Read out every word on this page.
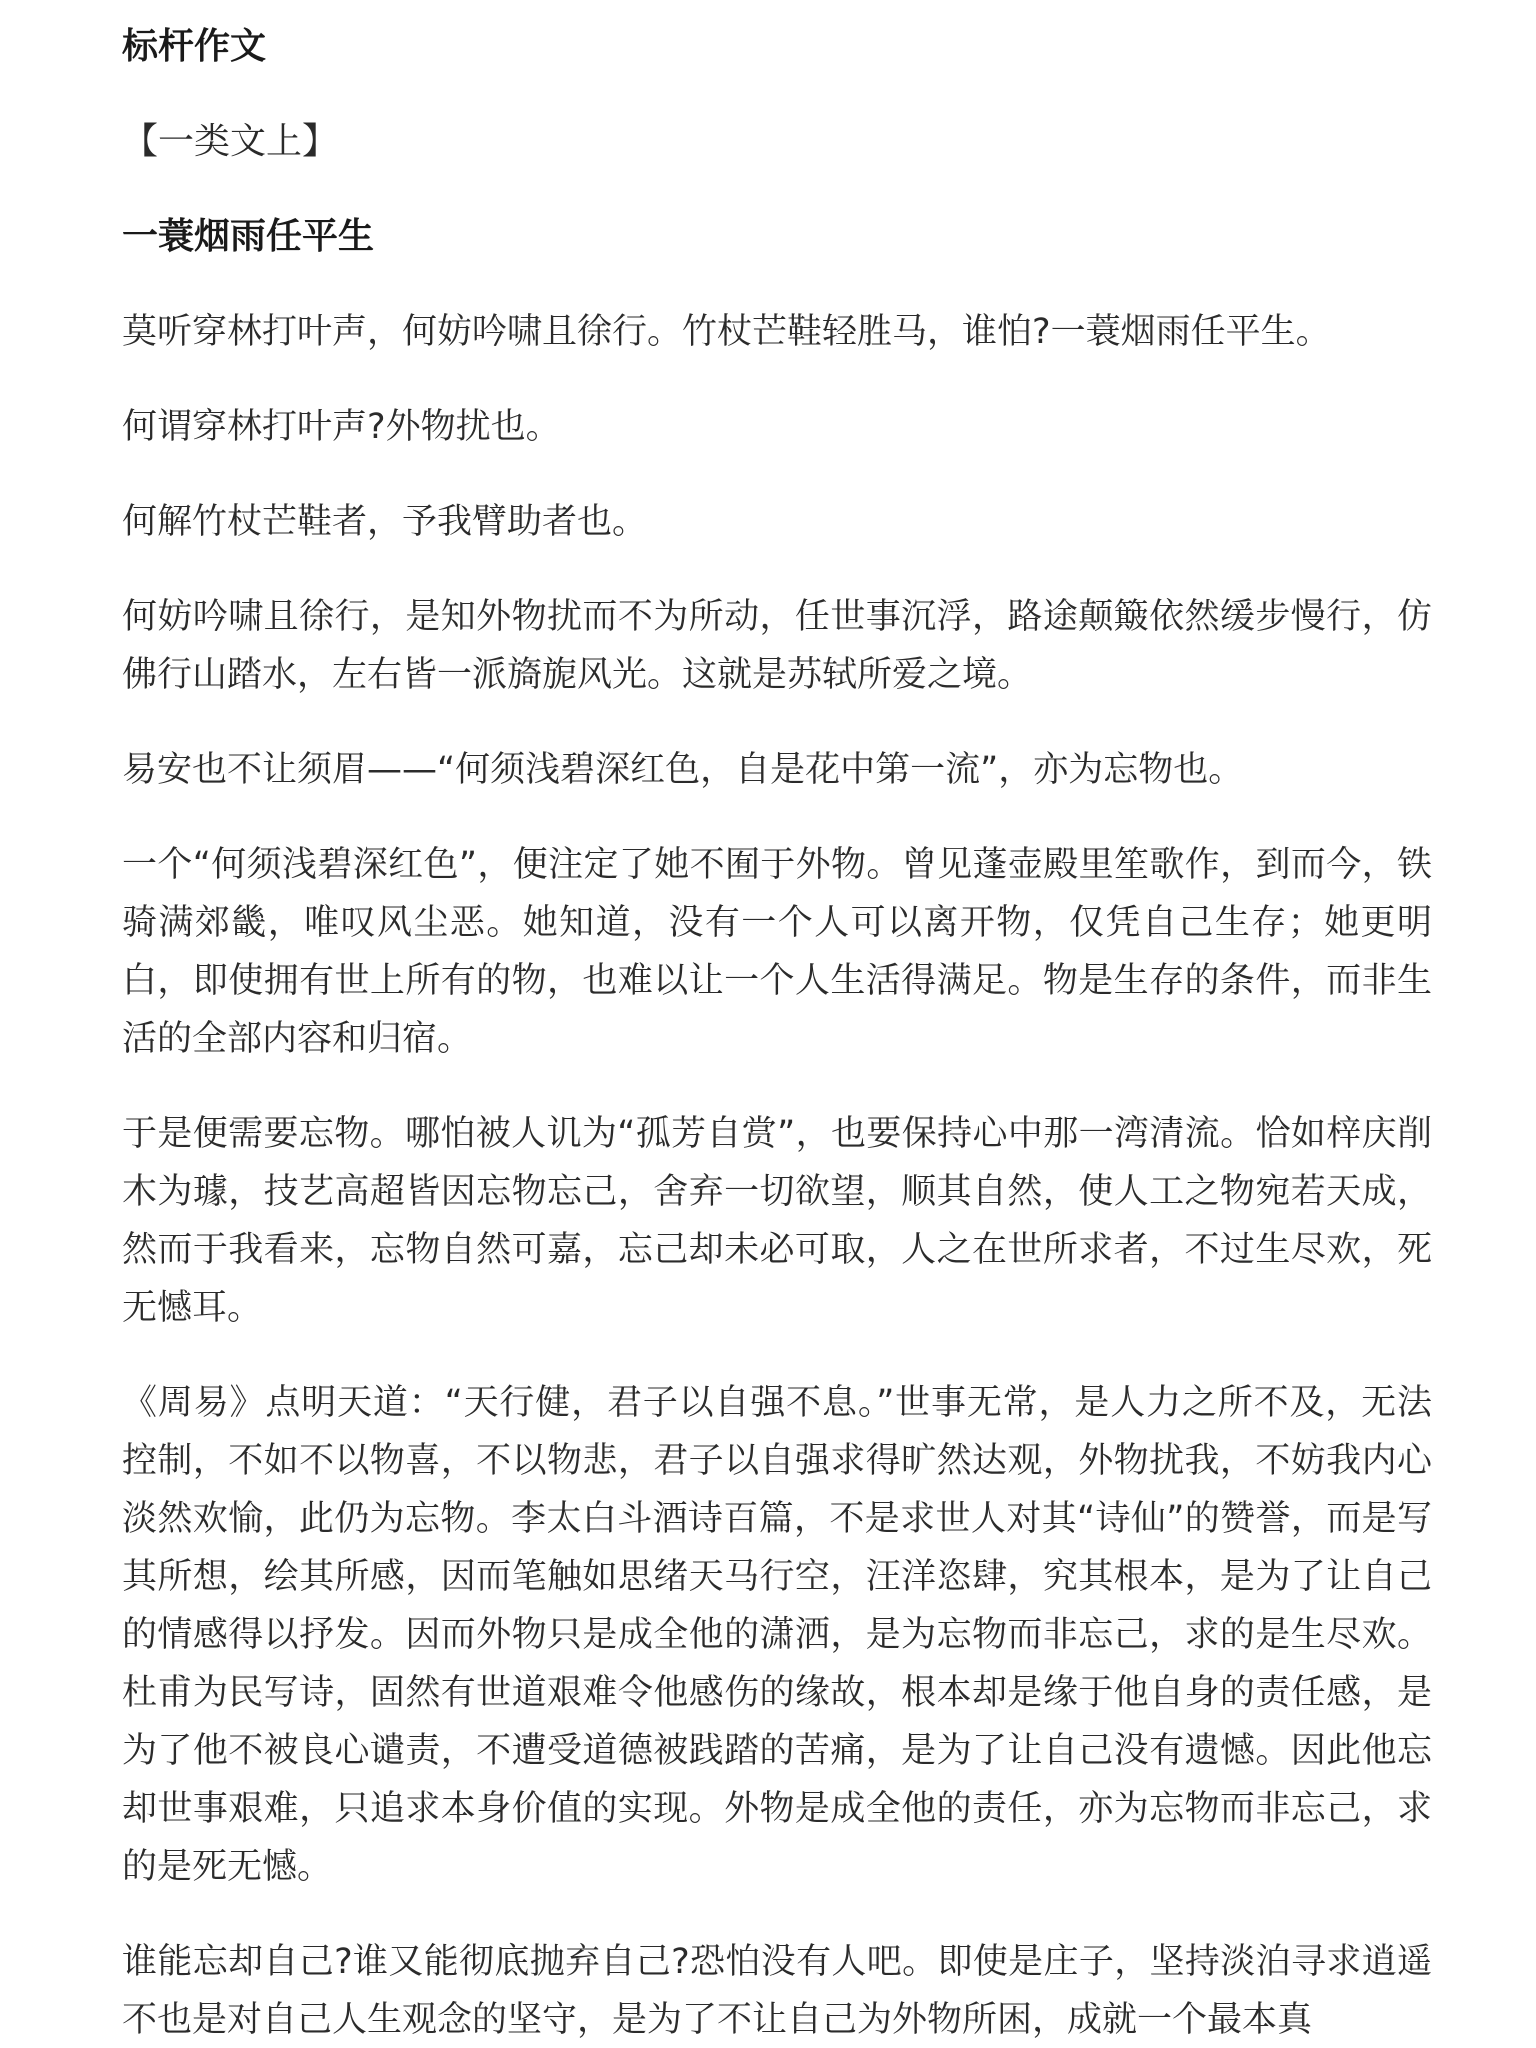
标杆作文
【一类文上】
一蓑烟雨任平生

莫听穿林打叶声，何妨吟啸且徐行。竹杖芒鞋轻胜马，谁怕?一蓑烟雨任平生。

何谓穿林打叶声?外物扰也。

何解竹杖芒鞋者，予我臂助者也。

何妨吟啸且徐行，是知外物扰而不为所动，任世事沉浮，路途颠簸依然缓步慢行，仿佛行山踏水，左右皆一派旖旎风光。这就是苏轼所爱之境。

易安也不让须眉——“何须浅碧深红色，自是花中第一流”，亦为忘物也。

一个“何须浅碧深红色”，便注定了她不囿于外物。曾见蓬壶殿里笙歌作，到而今，铁骑满郊畿，唯叹风尘恶。她知道，没有一个人可以离开物，仅凭自己生存；她更明白，即使拥有世上所有的物，也难以让一个人生活得满足。物是生存的条件，而非生活的全部内容和归宿。

于是便需要忘物。哪怕被人讥为“孤芳自赏”，也要保持心中那一湾清流。恰如梓庆削木为璩，技艺高超皆因忘物忘己，舍弃一切欲望，顺其自然，使人工之物宛若天成，然而于我看来，忘物自然可嘉，忘己却未必可取，人之在世所求者，不过生尽欢，死无憾耳。

《周易》点明天道：“天行健，君子以自强不息。”世事无常，是人力之所不及，无法控制，不如不以物喜，不以物悲，君子以自强求得旷然达观，外物扰我，不妨我内心淡然欢愉，此仍为忘物。李太白斗酒诗百篇，不是求世人对其“诗仙”的赞誉，而是写其所想，绘其所感，因而笔触如思绪天马行空，汪洋恣肆，究其根本，是为了让自己的情感得以抒发。因而外物只是成全他的潇洒，是为忘物而非忘己，求的是生尽欢。杜甫为民写诗，固然有世道艰难令他感伤的缘故，根本却是缘于他自身的责任感，是为了他不被良心谴责，不遭受道德被践踏的苦痛，是为了让自己没有遗憾。因此他忘却世事艰难，只追求本身价值的实现。外物是成全他的责任，亦为忘物而非忘己，求的是死无憾。

谁能忘却自己?谁又能彻底抛弃自己?恐怕没有人吧。即使是庄子，坚持淡泊寻求逍遥不也是对自己人生观念的坚守，是为了不让自己为外物所困，成就一个最本真
